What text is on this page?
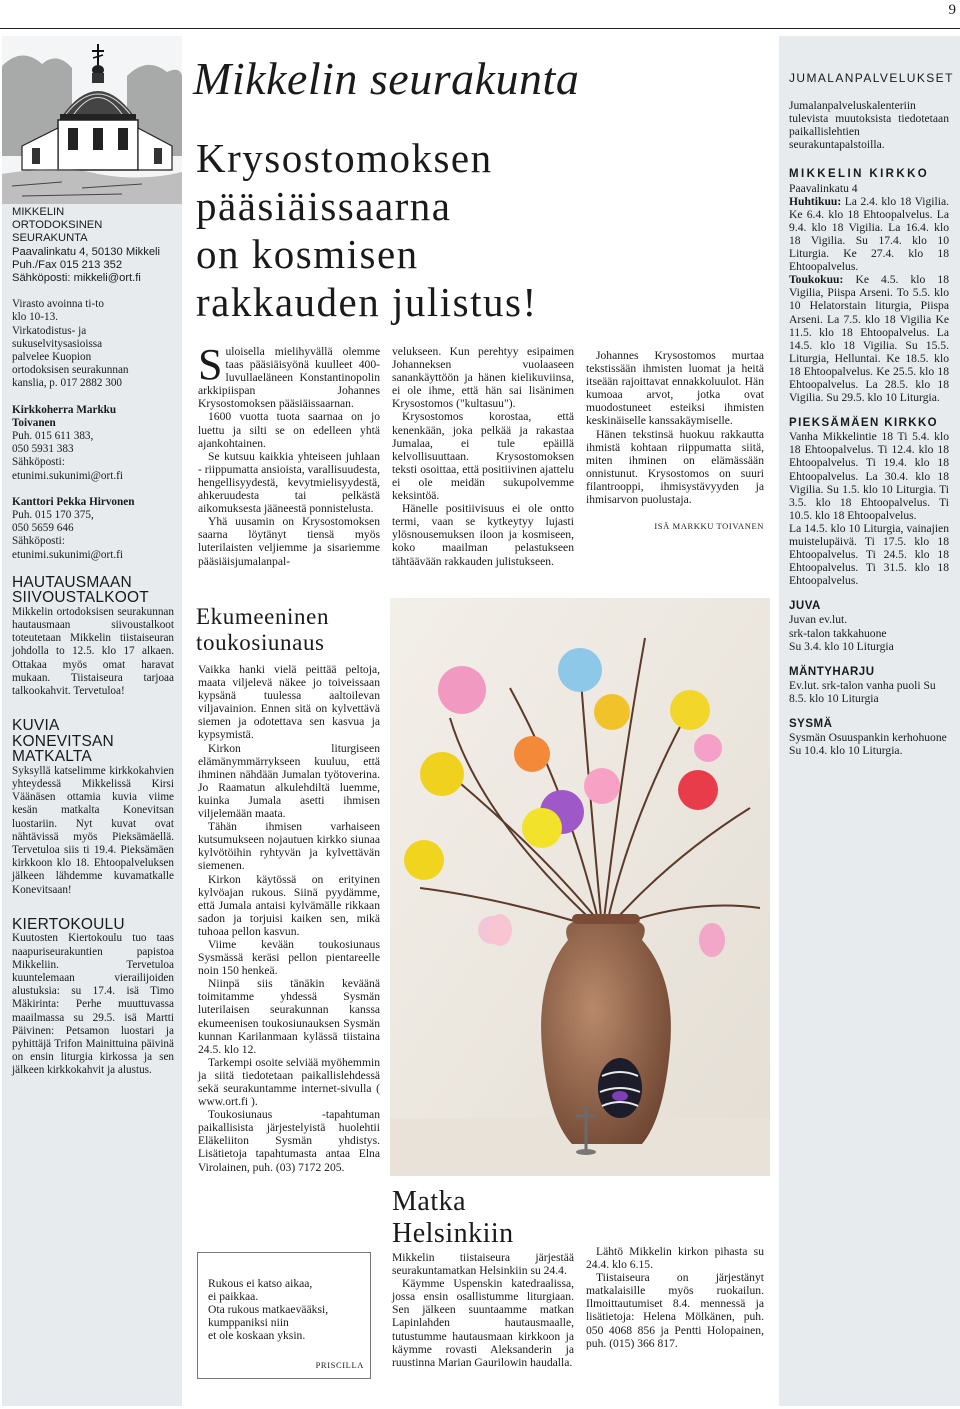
9
MIKKELIN
ORTODOKSINEN
SEURAKUNTA
Paavalinkatu 4, 50130 Mikkeli
Puh./Fax 015 213 352
Sähköposti: mikkeli@ort.fi
Virasto avoinna ti-to
klo 10-13.
Virkatodistus- ja
sukuselvitysasioissa
palvelee Kuopion
ortodoksisen seurakunnan
kanslia, p. 017 2882 300
Kirkkoherra Markku
Toivanen
Puh. 015 611 383,
050 5931 383
Sähköposti:
etunimi.sukunimi@ort.fi
Kanttori Pekka Hirvonen
Puh. 015 170 375,
050 5659 646
Sähköposti:
etunimi.sukunimi@ort.fi
HAUTAUSMAAN
SIIVOUSTALKOOT
Mikkelin ortodoksisen seurakunnan hautausmaan siivoustalkoot toteutetaan Mikkelin tiistaiseuran johdolla to 12.5. klo 17 alkaen. Ottakaa myös omat haravat mukaan. Tiistaiseura tarjoaa talkookahvit. Tervetuloa!
KUVIA
KONEVITSAN
MATKALTA
Syksyllä katselimme kirkkokahvien yhteydessä Mikkelissä Kirsi Väänäsen ottamia kuvia viime kesän matkalta Konevitsan luostariin. Nyt kuvat ovat nähtävissä myös Pieksämäellä. Tervetuloa siis ti 19.4. Pieksämäen kirkkoon klo 18. Ehtoopalveluksen jälkeen lähdemme kuvamatkalle Konevitsaan!
KIERTOKOULU
Kuutosten Kiertokoulu tuo taas naapuriseurakuntien papistoa Mikkeliin. Tervetuloa kuuntelemaan vierailijoiden alustuksia: su 17.4. isä Timo Mäkirinta: Perhe muuttuvassa maailmassa su 29.5. isä Martti Päivinen: Petsamon luostari ja pyhittäjä Trifon Mainittuina päivinä on ensin liturgia kirkossa ja sen jälkeen kirkkokahvit ja alustus.
Mikkelin seurakunta
Krysostomoksen
pääsiäissaarna
on kosmisen
rakkauden julistus!
S uloisella mielihyvällä olemme taas pääsiäisyönä kuulleet 400-luvullaeläneen Konstantinopolin arkkipiispan Johannes Krysostomoksen pääsiäissaarnan.

1600 vuotta tuota saarnaa on jo luettu ja silti se on edelleen yhtä ajankohtainen.

Se kutsuu kaikkia yhteiseen juhlaan - riippumatta ansioista, varallisuudesta, hengellisyydestä, kevytmielisyydestä, ahkeruudesta tai pelkästä aikomuksesta jääneestä ponnistelusta.

Yhä uusamin on Krysostomoksen saarna löytänyt tiensä myös luterilaisten veljiemme ja sisariemme pääsiäisjumalanpal-

velukseen. Kun perehtyy esipaimen Johanneksen vuolaaseen sanankäyttöön ja hänen kielikuviinsa, ei ole ihme, että hän sai lisänimen Krysostomos ("kultasuu").

Krysostomos korostaa, että kenenkään, joka pelkää ja rakastaa Jumalaa, ei tule epäillä kelvollisuuttaan. Krysostomoksen teksti osoittaa, että positiivinen ajattelu ei ole meidän sukupolvemme keksintöä.

Hänelle positiivisuus ei ole ontto termi, vaan se kytkeytyy lujasti ylösnousemuksen iloon ja kosmiseen, koko maailman pelastukseen tähtäävään rakkauden julistukseen.

Johannes Krysostomos murtaa tekstissään ihmisten luomat ja heitä itseään rajoittavat ennakkoluulot. Hän kumoaa arvot, jotka ovat muodostuneet esteiksi ihmisten keskinäiselle kanssakäymiselle.

Hänen tekstinsä huokuu rakkautta ihmistä kohtaan riippumatta siitä, miten ihminen on elämässään onnistunut. Krysostomos on suuri filantrooppi, ihmisystävyyden ja ihmisarvon puolustaja.

ISÄ MARKKU TOIVANEN
Ekumeeninen
toukosiunaus

Vaikka hanki vielä peittää peltoja, maata viljelevä näkee jo toiveissaan kypsänä tuulessa aaltoilevan viljavainion. Ennen sitä on kylvettävä siemen ja odotettava sen kasvua ja kypsymistä.

Kirkon liturgiseen elämänymmärrykseen kuuluu, että ihminen nähdään Jumalan työtoverina. Jo Raamatun alkulehdiltä luemme, kuinka Jumala asetti ihmisen viljelemään maata.

Tähän ihmisen varhaiseen kutsumukseen nojautuen kirkko siunaa kylvötöihin ryhtyvän ja kylvettävän siemenen.

Kirkon käytössä on erityinen kylvöajan rukous. Siinä pyydämme, että Jumala antaisi kylvämälle rikkaan sadon ja torjuisi kaiken sen, mikä tuhoaa pellon kasvun.

Viime kevään toukosiunaus Sysmässä keräsi pellon pientareelle noin 150 henkeä.

Niinpä siis tänäkin keväänä toimitamme yhdessä Sysmän luterilaisen seurakunnan kanssa ekumeenisen toukosiunauksen Sysmän kunnan Karilanmaan kylässä tiistaina 24.5. klo 12.

Tarkempi osoite selviää myöhemmin ja siitä tiedotetaan paikallislehdessä sekä seurakuntamme internet-sivulla ( www.ort.fi ).

Toukosiunaus -tapahtuman paikallisista järjestelyistä huolehtii Eläkeliiton Sysmän yhdistys. Lisätietoja tapahtumasta antaa Elna Virolainen, puh. (03) 7172 205.

Rukous ei katso aikaa,
ei paikkaa.
Ota rukous matkaevääksi,
kumppaniksi niin
et ole koskaan yksin.
PRISCILLA
Matka
Helsinkiin

Mikkelin tiistaiseura järjestää seurakuntamatkan Helsinkiin su 24.4.

Käymme Uspenskin katedraalissa, jossa ensin osallistumme liturgiaan. Sen jälkeen suuntaamme matkan Lapinlahden hautausmaalle, tutustumme hautausmaan kirkkoon ja käymme rovasti Aleksanderin ja ruustinna Marian Gaurilowin haudalla.

Lähtö Mikkelin kirkon pihasta su 24.4. klo 6.15.

Tiistaiseura on järjestänyt matkalaisille myös ruokailun. Ilmoittautumiset 8.4. mennessä ja lisätietoja: Helena Mölkänen, puh. 050 4068 856 ja Pentti Holopainen, puh. (015) 366 817.

JUMALANPALVELUKSET
Jumalanpalveluskalenteriin tulevista muutoksista tiedotetaan paikallislehtien seurakuntapalstoilla.
MIKKELIN KIRKKO
Paavalinkatu 4
Huhtikuu: La 2.4. klo 18 Vigilia. Ke 6.4. klo 18 Ehtoopalvelus. La 9.4. klo 18 Vigilia. La 16.4. klo 18 Vigilia. Su 17.4. klo 10 Liturgia. Ke 27.4. klo 18 Ehtoopalvelus.
Toukokuu: Ke 4.5. klo 18 Vigilia, Piispa Arseni. To 5.5. klo 10 Helatorstain liturgia, Piispa Arseni. La 7.5. klo 18 Vigilia Ke 11.5. klo 18 Ehtoopalvelus. La 14.5. klo 18 Vigilia. Su 15.5. Liturgia, Helluntai. Ke 18.5. klo 18 Ehtoopalvelus. Ke 25.5. klo 18 Ehtoopalvelus. La 28.5. klo 18 Vigilia. Su 29.5. klo 10 Liturgia.
PIEKSÄMÄEN KIRKKO
Vanha Mikkelintie 18 Ti 5.4. klo 18 Ehtoopalvelus. Ti 12.4. klo 18 Ehtoopalvelus. Ti 19.4. klo 18 Ehtoopalvelus. La 30.4. klo 18 Vigilia. Su 1.5. klo 10 Liturgia. Ti 3.5. klo 18 Ehtoopalvelus. Ti 10.5. klo 18 Ehtoopalvelus.
La 14.5. klo 10 Liturgia, vainajien muistelupäivä. Ti 17.5. klo 18 Ehtoopalvelus. Ti 24.5. klo 18 Ehtoopalvelus. Ti 31.5. klo 18 Ehtoopalvelus.
JUVA
Juvan ev.lut.
srk-talon takkahuone
Su 3.4. klo 10 Liturgia
MÄNTYHARJU
Ev.lut. srk-talon vanha puoli Su 8.5. klo 10 Liturgia
SYSMÄ
Sysmän Osuuspankin kerhohuone Su 10.4. klo 10 Liturgia.
